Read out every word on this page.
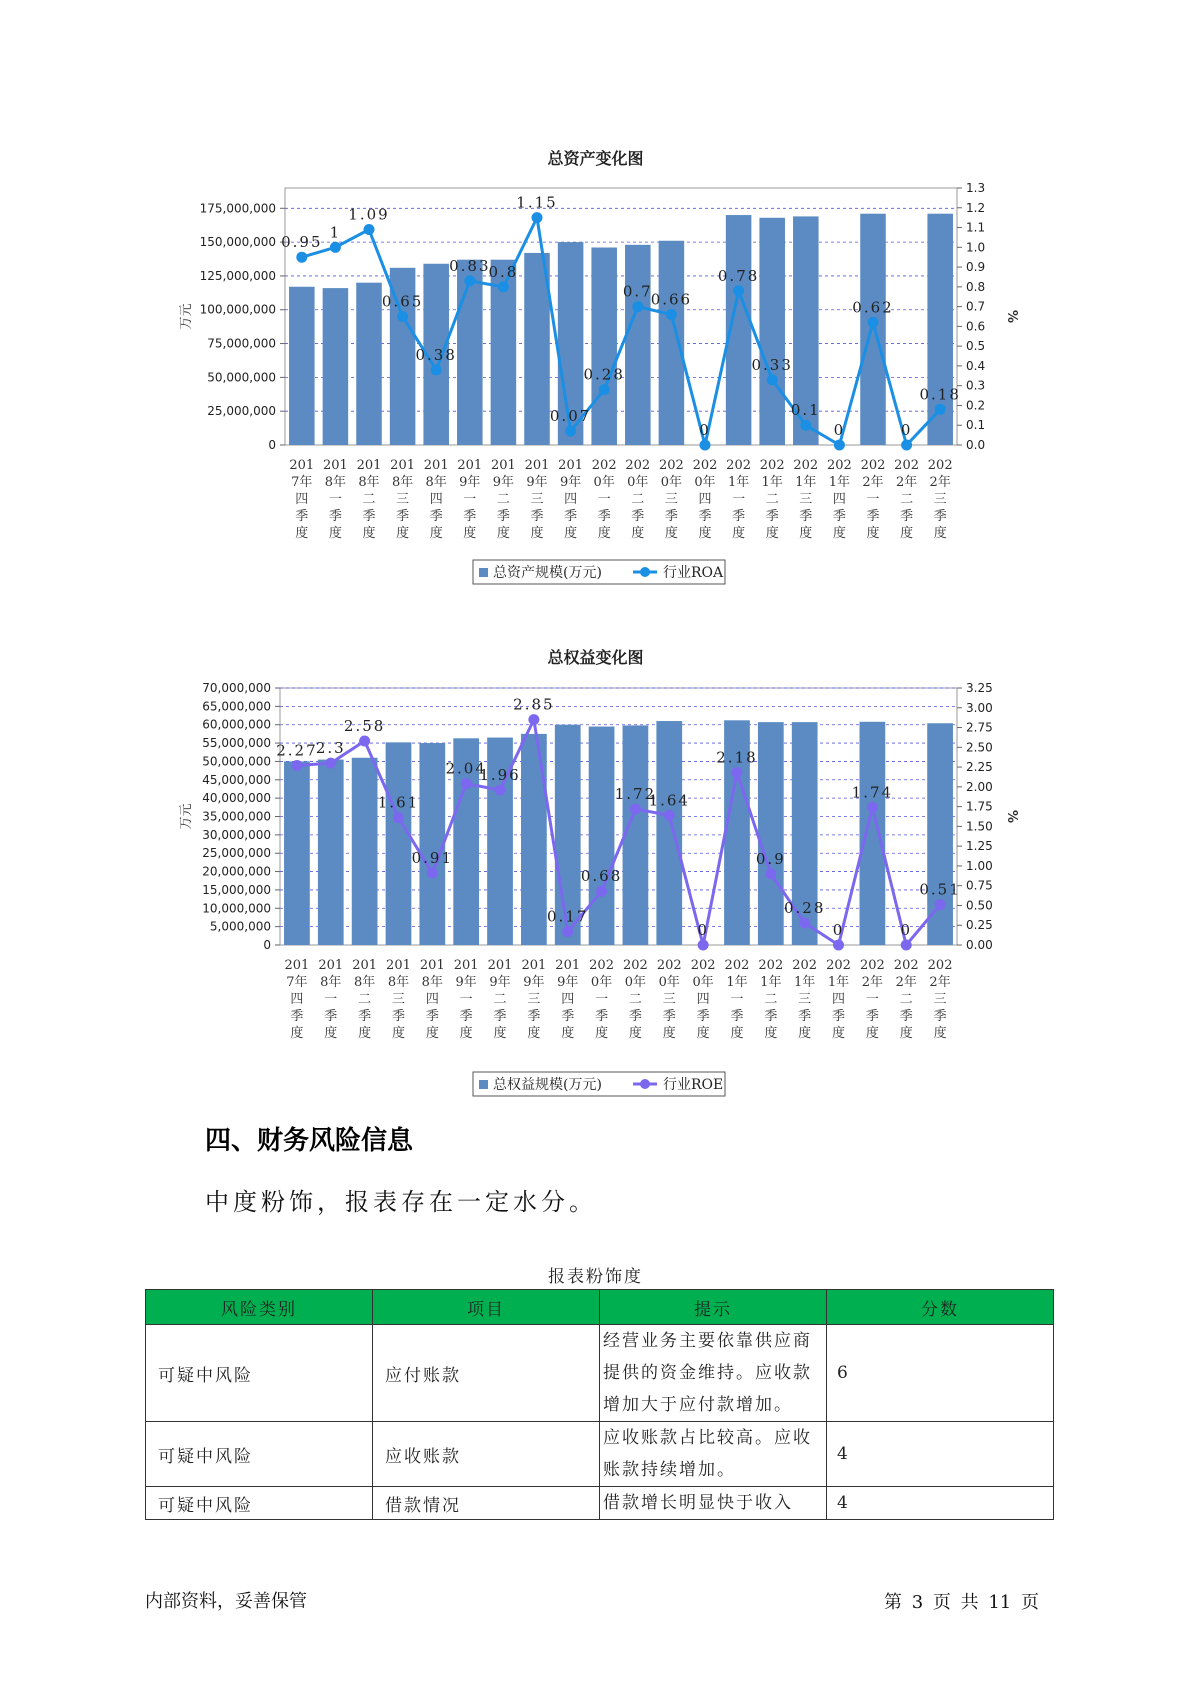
总资产变化图
0
25,000,000
50,000,000
75,000,000
100,000,000
125,000,000
150,000,000
175,000,000
0.0
0.1
0.2
0.3
0.4
0.5
0.6
0.7
0.8
0.9
1.0
1.1
1.2
1.3
万元	%
0.95
1
1.09
0.65
0.38
0.83
0.8
1.15
0.07
0.28
0.7
0.66
0
0.78
0.33
0.1
0
0.62
0
0.18
201
7年
四
季
度
201
8年
一
季
度
201
8年
二
季
度
201
8年
三
季
度
201
8年
四
季
度
201
9年
一
季
度
201
9年
二
季
度
201
9年
三
季
度
201
9年
四
季
度
202
0年
一
季
度
202
0年
二
季
度
202
0年
三
季
度
202
0年
四
季
度
202
1年
一
季
度
202
1年
二
季
度
202
1年
三
季
度
202
1年
四
季
度
202
2年
一
季
度
202
2年
二
季
度
202
2年
三
季
度
总资产规模(万元)	行业ROA
总权益变化图
0
5,000,000
10,000,000
15,000,000
20,000,000
25,000,000
30,000,000
35,000,000
40,000,000
45,000,000
50,000,000
55,000,000
60,000,000
65,000,000
70,000,000
0.00
0.25
0.50
0.75
1.00
1.25
1.50
1.75
2.00
2.25
2.50
2.75
3.00
3.25
万元	%
2.27
2.3
2.58
1.61
0.91
2.04
1.96
2.85
0.17
0.68
1.72
1.64
0
2.18
0.9
0.28
0
1.74
0
0.51
201
7年
四
季
度
201
8年
一
季
度
201
8年
二
季
度
201
8年
三
季
度
201
8年
四
季
度
201
9年
一
季
度
201
9年
二
季
度
201
9年
三
季
度
201
9年
四
季
度
202
0年
一
季
度
202
0年
二
季
度
202
0年
三
季
度
202
0年
四
季
度
202
1年
一
季
度
202
1年
二
季
度
202
1年
三
季
度
202
1年
四
季
度
202
2年
一
季
度
202
2年
二
季
度
202
2年
三
季
度
总权益规模(万元)	行业ROE
四、财务风险信息
中度粉饰，报表存在一定水分。
报表粉饰度
风险类别	项目	提示	分数
可疑中风险	应付账款	经营业务主要依靠供应商提供的资金维持。应收款增加大于应付款增加。	6
可疑中风险	应收账款	应收账款占比较高。应收账款持续增加。	4
可疑中风险	借款情况	借款增长明显快于收入	4
内部资料，妥善保管	第 3 页 共 11 页
